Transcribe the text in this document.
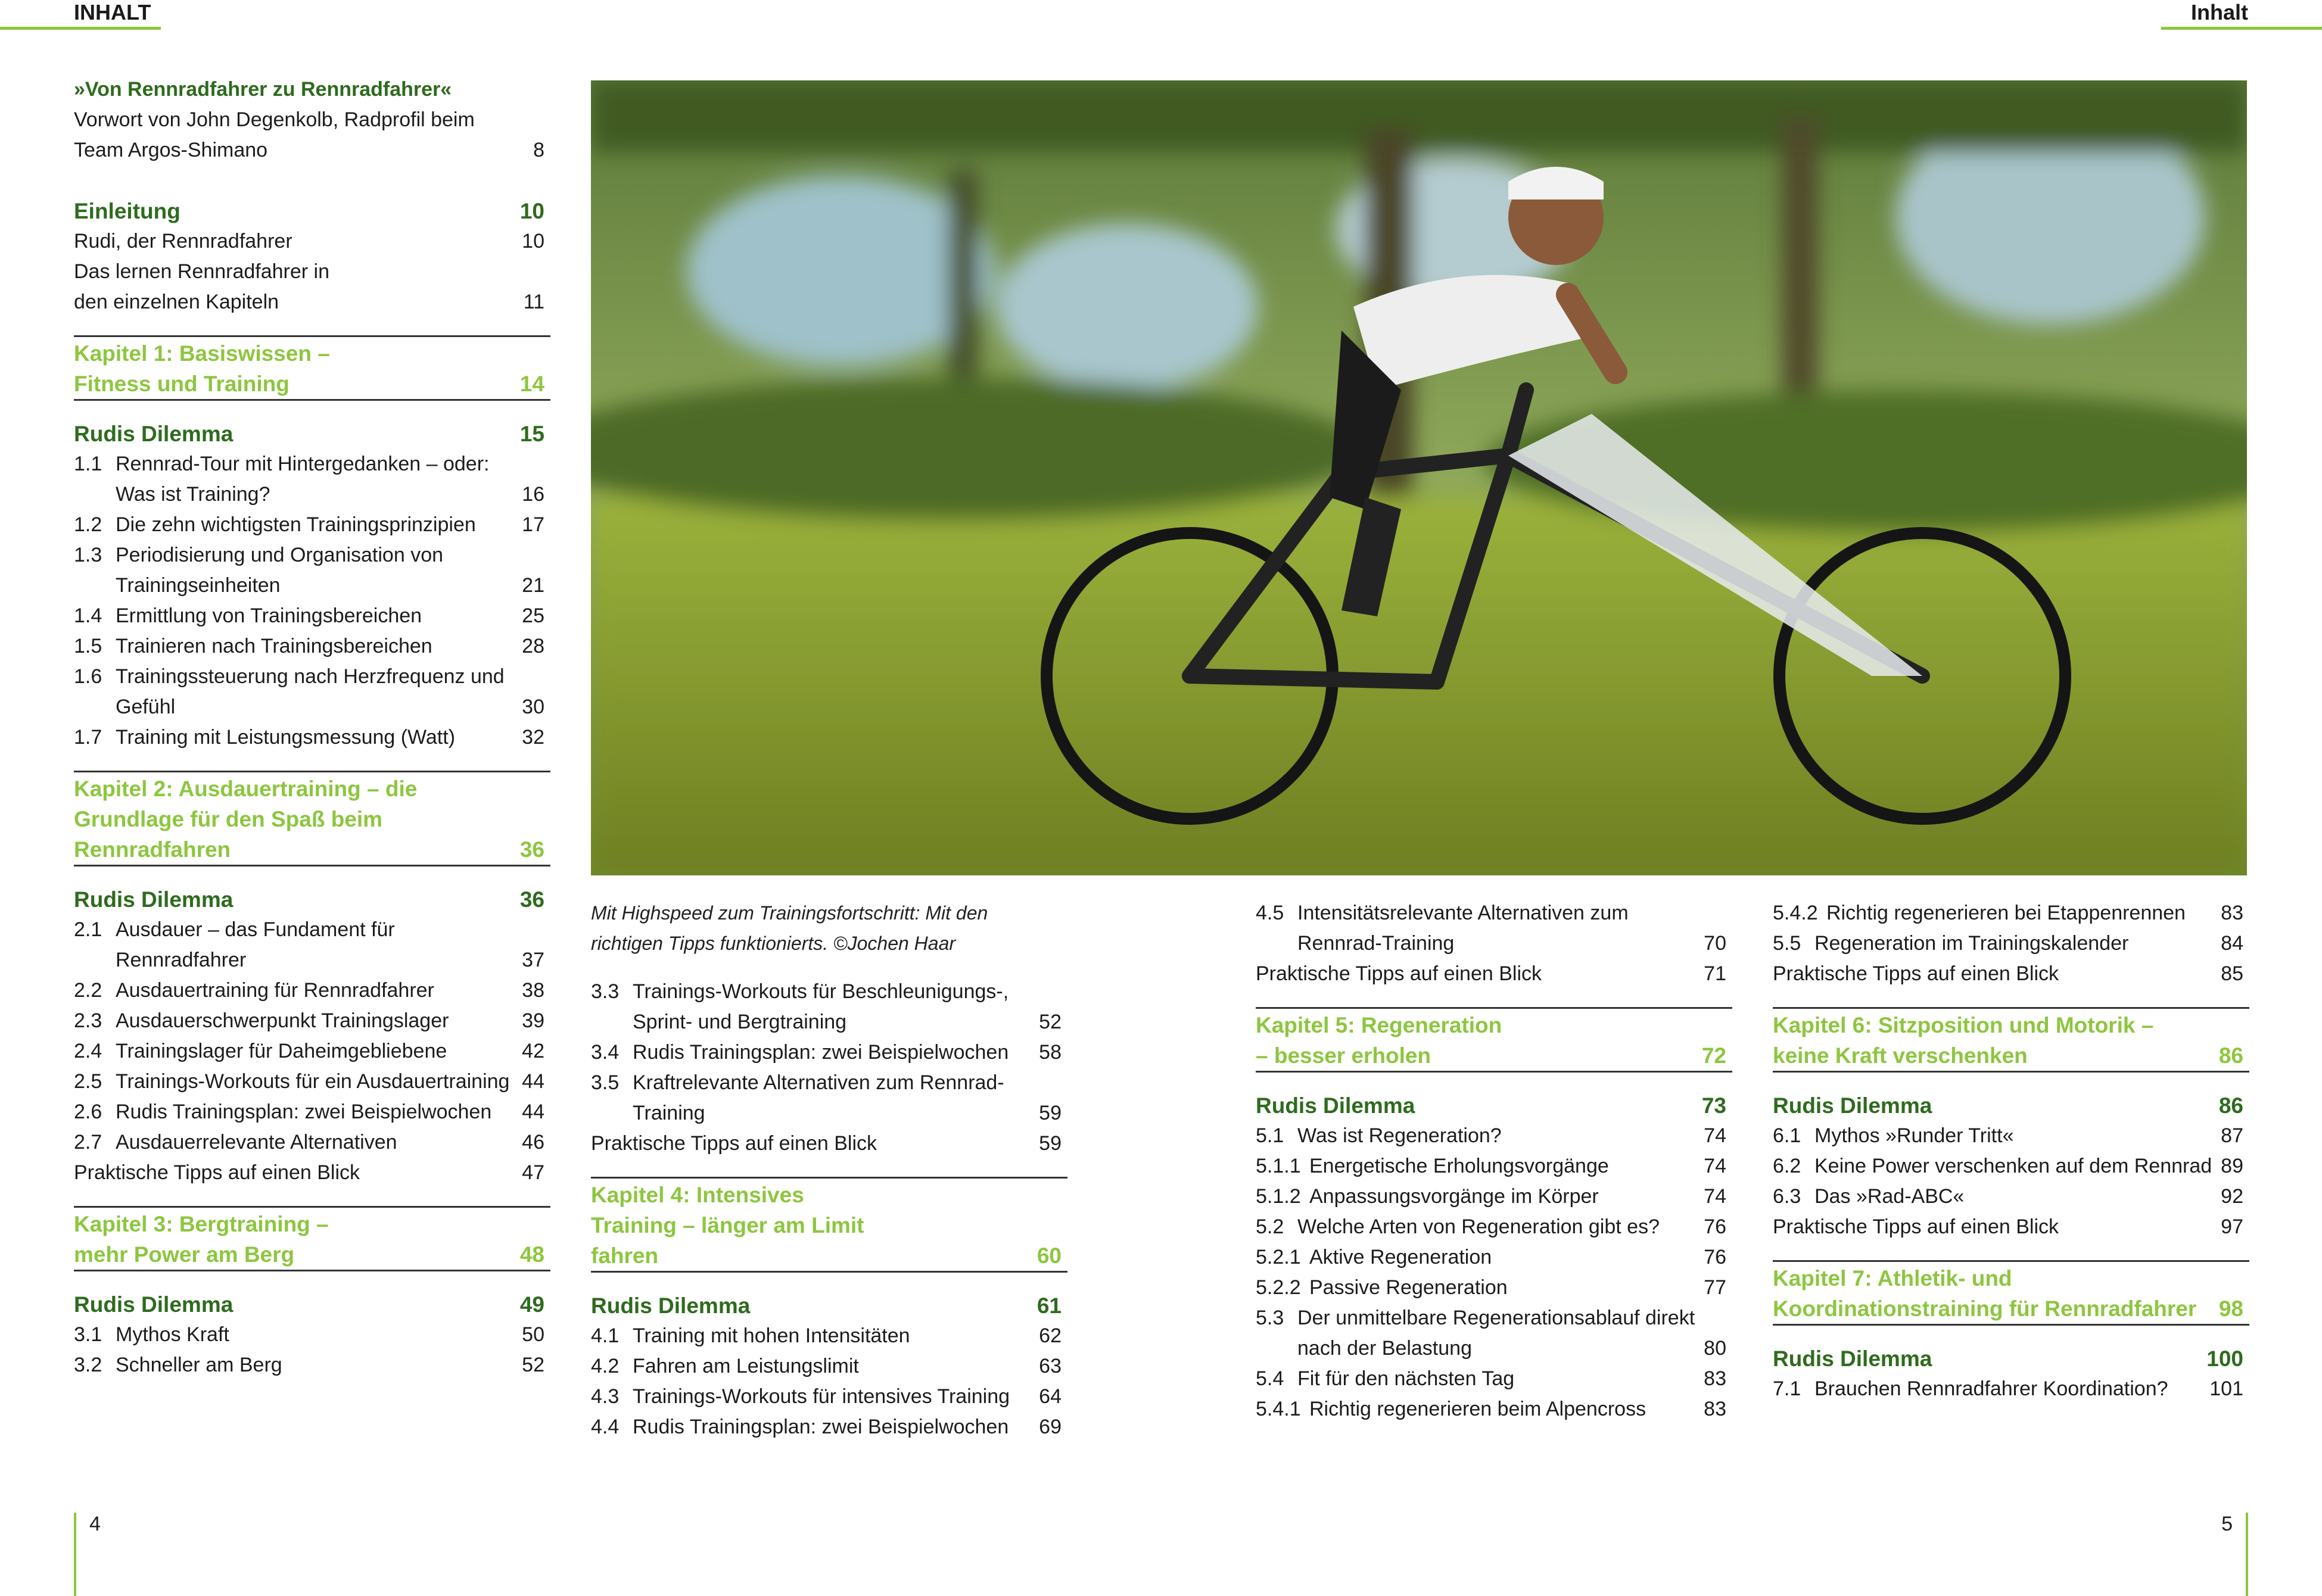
INHALT	Inhalt
»Von Rennradfahrer zu Rennradfahrer«
Vorwort von John Degenkolb, Radprofil beim Team Argos-Shimano	8
Einleitung	10
Rudi, der Rennradfahrer	10
Das lernen Rennradfahrer in den einzelnen Kapiteln	11
Kapitel 1: Basiswissen – Fitness und Training	14
Rudis Dilemma	15
1.1 Rennrad-Tour mit Hintergedanken – oder: Was ist Training?	16
1.2 Die zehn wichtigsten Trainingsprinzipien 17
1.3 Periodisierung und Organisation von Trainingseinheiten	21
1.4 Ermittlung von Trainingsbereichen	25
1.5 Trainieren nach Trainingsbereichen	28
1.6 Trainingssteuerung nach Herzfrequenz und Gefühl	30
1.7 Training mit Leistungsmessung (Watt)	32
Kapitel 2: Ausdauertraining – die Grundlage für den Spaß beim Rennradfahren	36
Rudis Dilemma	36
2.1 Ausdauer – das Fundament für Rennradfahrer	37
2.2 Ausdauertraining für Rennradfahrer	38
2.3 Ausdauerschwerpunkt Trainingslager	39
2.4 Trainingslager für Daheimgebliebene	42
2.5 Trainings-Workouts für ein Ausdauertraining 44
2.6 Rudis Trainingsplan: zwei Beispielwochen 44
2.7 Ausdauerrelevante Alternativen	46
Praktische Tipps auf einen Blick	47
Kapitel 3: Bergtraining – mehr Power am Berg	48
Rudis Dilemma	49
3.1 Mythos Kraft	50
3.2 Schneller am Berg	52
Mit Highspeed zum Trainingsfortschritt: Mit den richtigen Tipps funktionierts. ©Jochen Haar
3.3 Trainings-Workouts für Beschleunigungs-, Sprint- und Bergtraining	52
3.4 Rudis Trainingsplan: zwei Beispielwochen 58
3.5 Kraftrelevante Alternativen zum Rennrad-Training	59
Praktische Tipps auf einen Blick	59
Kapitel 4: Intensives Training – länger am Limit fahren	60
Rudis Dilemma	61
4.1 Training mit hohen Intensitäten	62
4.2 Fahren am Leistungslimit	63
4.3 Trainings-Workouts für intensives Training 64
4.4 Rudis Trainingsplan: zwei Beispielwochen 69
4.5 Intensitätsrelevante Alternativen zum Rennrad-Training	70
Praktische Tipps auf einen Blick	71
Kapitel 5: Regeneration – besser erholen	72
Rudis Dilemma	73
5.1 Was ist Regeneration?	74
5.1.1 Energetische Erholungsvorgänge	74
5.1.2 Anpassungsvorgänge im Körper	74
5.2 Welche Arten von Regeneration gibt es? 76
5.2.1 Aktive Regeneration	76
5.2.2 Passive Regeneration	77
5.3 Der unmittelbare Regenerationsablauf direkt nach der Belastung	80
5.4 Fit für den nächsten Tag	83
5.4.1 Richtig regenerieren beim Alpencross	83
5.4.2 Richtig regenerieren bei Etappenrennen 83
5.5 Regeneration im Trainingskalender	84
Praktische Tipps auf einen Blick	85
Kapitel 6: Sitzposition und Motorik – keine Kraft verschenken	86
Rudis Dilemma	86
6.1 Mythos »Runder Tritt«	87
6.2 Keine Power verschenken auf dem Rennrad 89
6.3 Das »Rad-ABC«	92
Praktische Tipps auf einen Blick	97
Kapitel 7: Athletik- und Koordinationstraining für Rennradfahrer 98
Rudis Dilemma	100
7.1 Brauchen Rennradfahrer Koordination? 101
4	5
